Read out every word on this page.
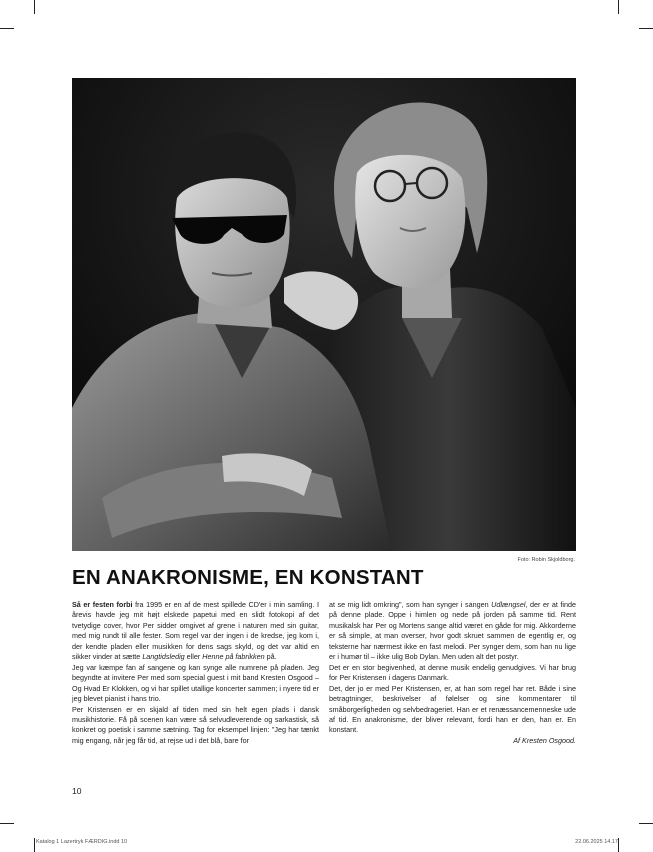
Foto: Robin Skjoldborg.
EN ANAKRONISME, EN KONSTANT

Så er festen forbi fra 1995 er en af de mest spillede CD'er i min samling. I årevis havde jeg mit højt elskede papetui med en slidt fotokopi af det tvetydige cover, hvor Per sidder omgivet af grene i naturen med sin guitar, med mig rundt til alle fester. Som regel var der ingen i de kredse, jeg kom i, der kendte pladen eller musikken for dens sags skyld, og det var altid en sikker vinder at sætte Langtidsledig eller Henne på fabrikken på.

Jeg var kæmpe fan af sangene og kan synge alle numrene på pladen. Jeg begyndte at invitere Per med som special guest i mit band Kresten Osgood – Og Hvad Er Klokken, og vi har spillet utallige koncerter sammen; i nyere tid er jeg blevet pianist i hans trio.

Per Kristensen er en skjald af tiden med sin helt egen plads i dansk musikhistorie. Få på scenen kan være så selvudleverende og sarkastisk, så konkret og poetisk i samme sætning. Tag for eksempel linjen: "Jeg har tænkt mig engang, når jeg får tid, at rejse ud i det blå, bare for

at se mig lidt omkring", som han synger i sangen Udlængsel, der er at finde på denne plade. Oppe i himlen og nede på jorden på samme tid. Rent musikalsk har Per og Mortens sange altid været en gåde for mig. Akkorderne er så simple, at man overser, hvor godt skruet sammen de egentlig er, og teksterne har nærmest ikke en fast melodi. Per synger dem, som han nu lige er i humør til – ikke ulig Bob Dylan. Men uden alt det postyr.

Det er en stor begivenhed, at denne musik endelig genudgives. Vi har brug for Per Kristensen i dagens Danmark.

Det, der jo er med Per Kristensen, er, at han som regel har ret. Både i sine betragtninger, beskrivelser af følelser og sine kommentarer til småborgerligheden og selvbedrageriet. Han er et renæssancemenneske ude af tid. En anakronisme, der bliver relevant, fordi han er den, han er. En konstant.

Af Kresten Osgood.

10
Katalog 1 Lazertryk FÆRDIG.indd 10	22.06.2025 14.17
